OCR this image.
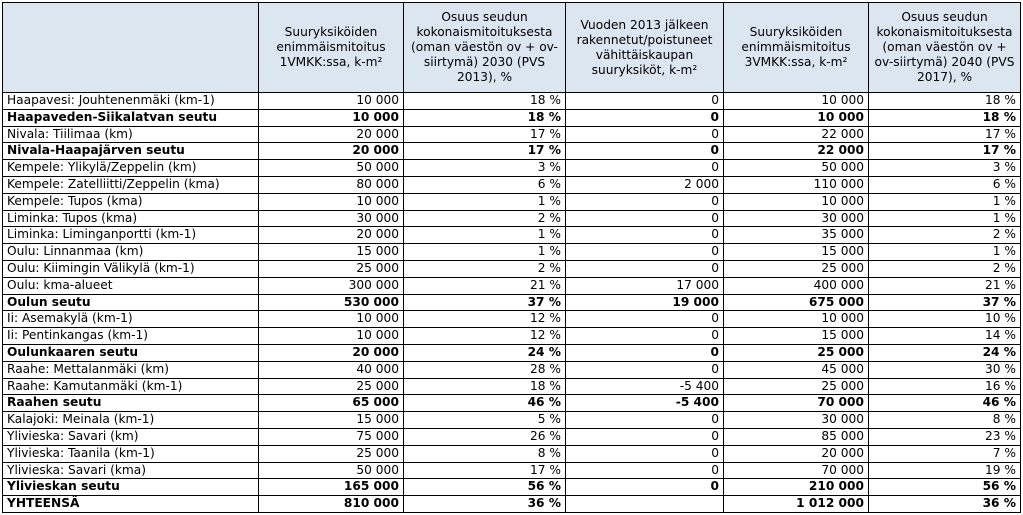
	Suuryksiköiden enimmäismitoitus 1VMKK:ssa, k-m²	Osuus seudun kokonaismitoituksesta (oman väestön ov + ov-siirtymä) 2030 (PVS 2013), %	Vuoden 2013 jälkeen rakennetut/poistuneet vähittäiskaupan suuryksiköt, k-m²	Suuryksiköiden enimmäismitoitus 3VMKK:ssa, k-m²	Osuus seudun kokonaismitoituksesta (oman väestön ov + ov-siirtymä) 2040 (PVS 2017), %
Haapavesi: Jouhtenenmäki (km-1)	10 000	18 %	0	10 000	18 %
Haapaveden-Siikalatvan seutu	10 000	18 %	0	10 000	18 %
Nivala: Tiilimaa (km)	20 000	17 %	0	22 000	17 %
Nivala-Haapajärven seutu	20 000	17 %	0	22 000	17 %
Kempele: Ylikylä/Zeppelin (km)	50 000	3 %	0	50 000	3 %
Kempele: Zatelliitti/Zeppelin (kma)	80 000	6 %	2 000	110 000	6 %
Kempele: Tupos (kma)	10 000	1 %	0	10 000	1 %
Liminka: Tupos (kma)	30 000	2 %	0	30 000	1 %
Liminka: Liminganportti (km-1)	20 000	1 %	0	35 000	2 %
Oulu: Linnanmaa (km)	15 000	1 %	0	15 000	1 %
Oulu: Kiimingin Välikylä (km-1)	25 000	2 %	0	25 000	2 %
Oulu: kma-alueet	300 000	21 %	17 000	400 000	21 %
Oulun seutu	530 000	37 %	19 000	675 000	37 %
Ii: Asemakylä (km-1)	10 000	12 %	0	10 000	10 %
Ii: Pentinkangas (km-1)	10 000	12 %	0	15 000	14 %
Oulunkaaren seutu	20 000	24 %	0	25 000	24 %
Raahe: Mettalanmäki (km)	40 000	28 %	0	45 000	30 %
Raahe: Kamutanmäki (km-1)	25 000	18 %	-5 400	25 000	16 %
Raahen seutu	65 000	46 %	-5 400	70 000	46 %
Kalajoki: Meinala (km-1)	15 000	5 %	0	30 000	8 %
Ylivieska: Savari (km)	75 000	26 %	0	85 000	23 %
Ylivieska: Taanila (km-1)	25 000	8 %	0	20 000	7 %
Ylivieska: Savari (kma)	50 000	17 %	0	70 000	19 %
Ylivieskan seutu	165 000	56 %	0	210 000	56 %
YHTEENSÄ	810 000	36 %		1 012 000	36 %
